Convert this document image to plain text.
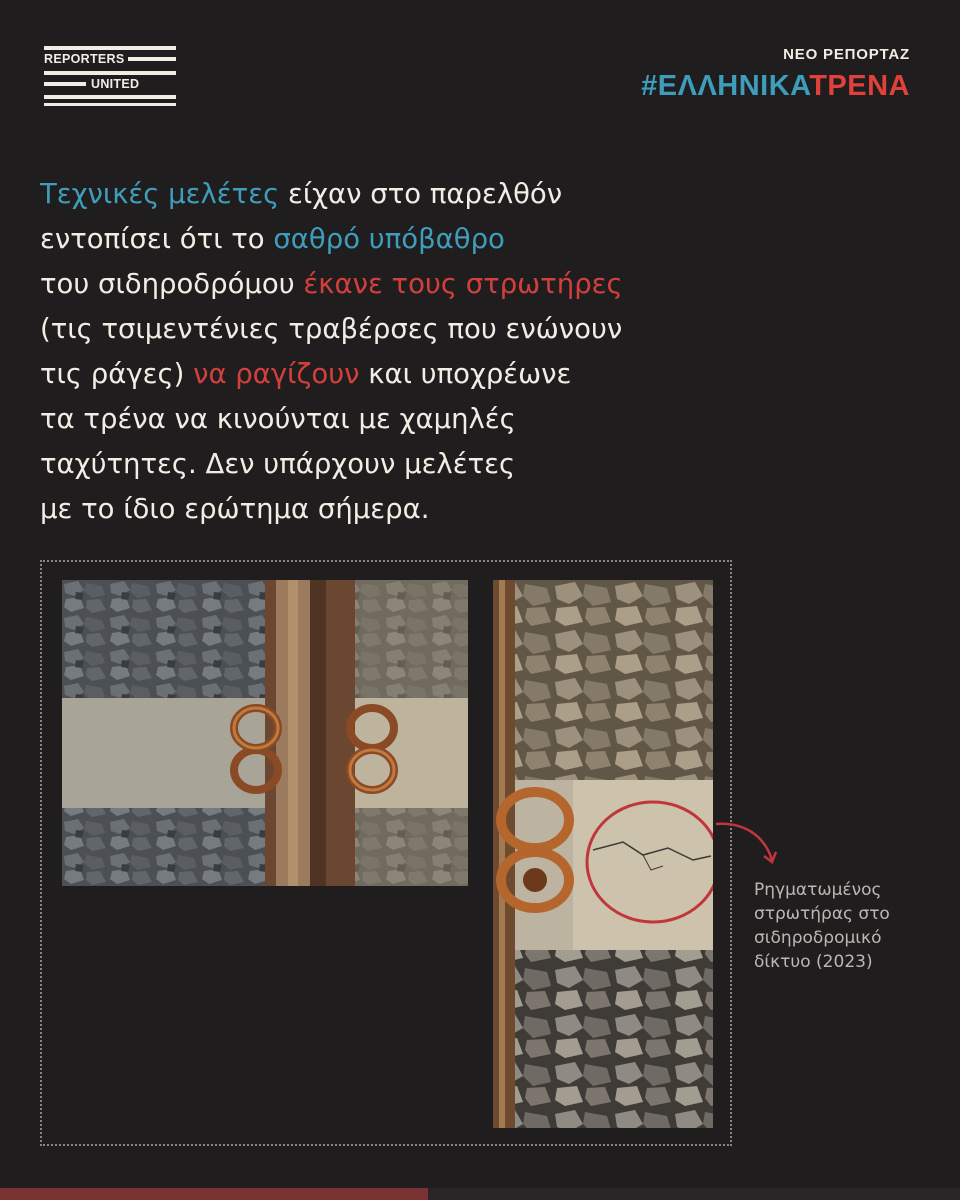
REPORTERS
UNITED
ΝΕΟ ΡΕΠΟΡΤΑΖ
#ΕΛΛΗΝΙΚΑΤΡΕΝΑ
Τεχνικές μελέτες είχαν στο παρελθόν
εντοπίσει ότι το σαθρό υπόβαθρο
του σιδηροδρόμου έκανε τους στρωτήρες
(τις τσιμεντένιες τραβέρσες που ενώνουν
τις ράγες) να ραγίζουν και υποχρέωνε
τα τρένα να κινούνται με χαμηλές
ταχύτητες. Δεν υπάρχουν μελέτες
με το ίδιο ερώτημα σήμερα.
Ρηγματωμένος
στρωτήρας στο
σιδηροδρομικό
δίκτυο (2023)
